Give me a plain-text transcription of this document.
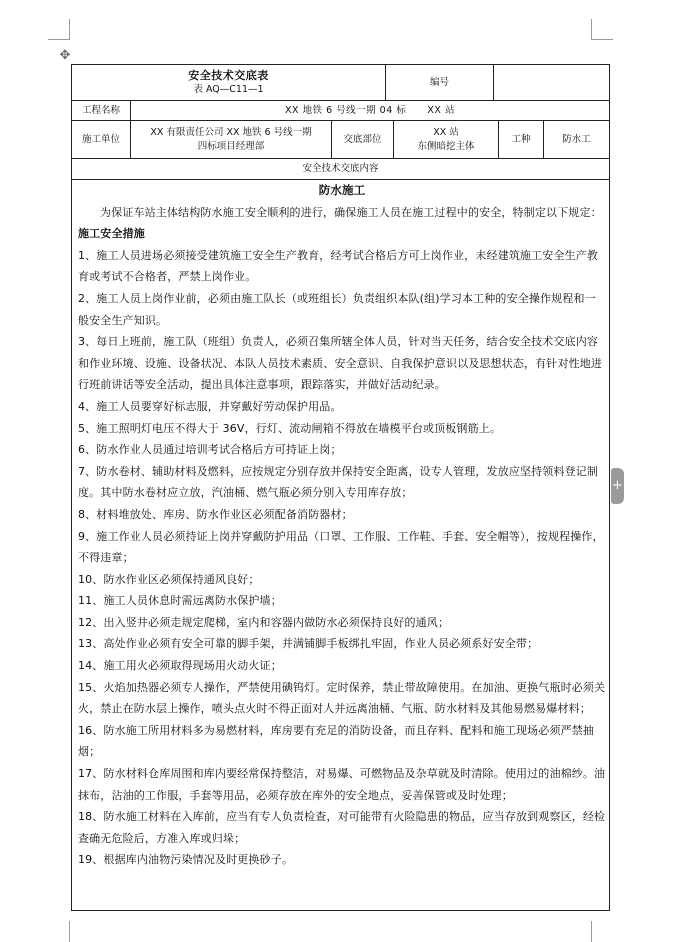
✥
+
安全技术交底表
表 AQ—C11—1
编号
工程名称	XX 地铁 6 号线一期 04 标      XX 站
施工单位
XX 有限责任公司 XX 地铁 6 号线一期
四标项目经理部
交底部位
XX 站
东侧暗挖主体
工种	防水工
安全技术交底内容

防水施工

为保证车站主体结构防水施工安全顺利的进行，确保施工人员在施工过程中的安全，特制定以下规定：

施工安全措施

1、施工人员进场必须接受建筑施工安全生产教育，经考试合格后方可上岗作业，未经建筑施工安全生产教育或考试不合格者，严禁上岗作业。

2、施工人员上岗作业前，必须由施工队长（或班组长）负责组织本队(组)学习本工种的安全操作规程和一般安全生产知识。

3、每日上班前，施工队（班组）负责人，必须召集所辖全体人员，针对当天任务，结合安全技术交底内容和作业环境、设施、设备状况、本队人员技术素质、安全意识、自我保护意识以及思想状态，有针对性地进行班前讲话等安全活动，提出具体注意事项，跟踪落实，并做好活动纪录。

4、施工人员要穿好标志服，并穿戴好劳动保护用品。

5、施工照明灯电压不得大于 36V，行灯、流动闸箱不得放在墙模平台或顶板钢筋上。

6、防水作业人员通过培训考试合格后方可持证上岗；

7、防水卷材、辅助材料及燃料，应按规定分别存放并保持安全距离，设专人管理，发放应坚持领料登记制度。其中防水卷材应立放，汽油桶、燃气瓶必须分别入专用库存放；

8、材料堆放处、库房、防水作业区必须配备消防器材；

9、施工作业人员必须持证上岗并穿戴防护用品（口罩、工作服、工作鞋、手套、安全帽等），按规程操作，不得违章；

10、防水作业区必须保持通风良好；

11、施工人员休息时需远离防水保护墙；

12、出入竖井必须走规定爬梯，室内和容器内做防水必须保持良好的通风；

13、高处作业必须有安全可靠的脚手架，并满铺脚手板绑扎牢固，作业人员必须系好安全带；

14、施工用火必须取得现场用火动火证；

15、火焰加热器必须专人操作，严禁使用碘钨灯。定时保养，禁止带故障使用。在加油、更换气瓶时必须关火，禁止在防水层上操作，喷头点火时不得正面对人并远离油桶、气瓶、防水材料及其他易燃易爆材料；

16、防水施工所用材料多为易燃材料，库房要有充足的消防设备，而且存料、配料和施工现场必须严禁抽烟；

17、防水材料仓库周围和库内要经常保持整洁，对易爆、可燃物品及杂草就及时清除。使用过的油棉纱。油抹布，沾油的工作服，手套等用品，必须存放在库外的安全地点，妥善保管或及时处理；

18、防水施工材料在入库前，应当有专人负责检查，对可能带有火险隐患的物品，应当存放到观察区，经检查确无危险后，方准入库或归垛；

19、根据库内油物污染情况及时更换砂子。
